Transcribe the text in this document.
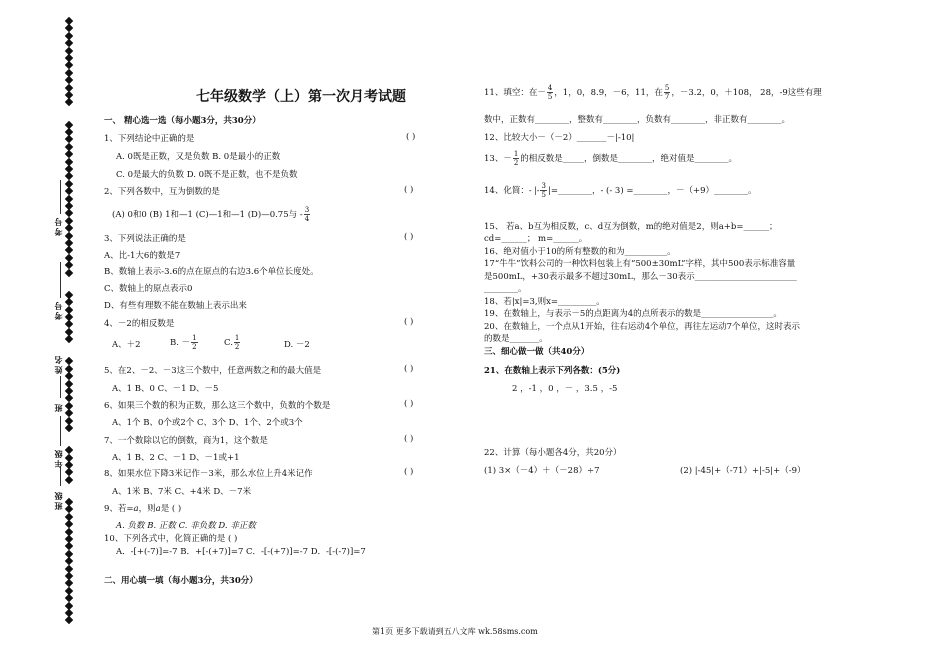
考号
考号
姓名
班
年级
班级
七年级数学（上）第一次月考试题
一、 精心选一选（每小题3分，共30分）
1、下列结论中正确的是	( )
A. 0既是正数，又是负数 B. 0是最小的正数
C. 0是最大的负数 D. 0既不是正数，也不是负数
2、下列各数中，互为倒数的是	( )
(A) 0和0 (B) 1和—1 (C)—1和—1 (D)—0.75与 - $\frac{3}{4}$
3、下列说法正确的是	( )
A、比-1大6的数是7
B、数轴上表示-3.6的点在原点的右边3.6个单位长度处。
C、数轴上的原点表示0
D、有些有理数不能在数轴上表示出来
4、－2的相反数是	( )
A、＋2	B. － $\frac{1}{2}$	C. $\frac{1}{2}$	D. －2
5、在2、－2、－3这三个数中，任意两数之和的最大值是	( )
A、1 B、0 C、－1 D、－5
6、如果三个数的积为正数，那么这三个数中，负数的个数是	( )
A、1个 B、0个或2个 C、3个 D、1个、2个或3个
7、一个数除以它的倒数，商为1，这个数是	( )
A、1 B、2 C、－1 D、－1或+1
8、如果水位下降3米记作－3米，那么水位上升4米记作	( )
A、1米 B、7米 C、+4米 D、－7米
9、若=a，则a是 ( )
A. 负数 B. 正数 C. 非负数 D. 非正数
10、下列各式中，化简正确的是 ( )
A．-[+(-7)]=-7 B．+[-(+7)]=7 C．-[-(+7)]=-7 D．-[-(-7)]=7
二、用心填一填（每小题3分，共30分）
11、填空：在－ $\frac{4}{5}$ ，1，0，8.9，－6，11，在 $\frac{5}{7}$ ，－3.2，0，＋108， 28，-9这些有理
数中，正数有________，整数有________，负数有________，非正数有________。
12、比较大小－（－2）_______－|-10|
13、－ $\frac{1}{2}$ 的相反数是_____，倒数是________，绝对值是________。
14、化简：- |- $\frac{3}{5}$ |=________，- (- 3) =________，－（+9）________。
15、 若a、b互为相反数，c、d互为倒数，m的绝对值是2，则a+b=______；
cd=______； m=______。
16、绝对值小于10的所有整数的和为__________。
17“牛牛”饮料公司的一种饮料包装上有“500±30mL”字样，其中500表示标准容量
是500mL，+30表示最多不超过30mL，那么－30表示________________________
________。
18、若|x|=3,则x=_________。
19、在数轴上，与表示－5的点距离为4的点所表示的数是_________________。
20、在数轴上，一个点从1开始，往右运动4个单位，再往左运动7个单位，这时表示
的数是_______。
三、细心做一做（共40分）
21、在数轴上表示下列各数：(5分)
2 ，-1 ，0 ，－ ，3.5 ，-5
22、计算（每小题各4分，共20分）
(1) 3×（－4）＋（－28）÷7	(2) |-45|+（-71）+|-5|+（-9）
第1页 更多下载请到五八文库 wk.58sms.com
